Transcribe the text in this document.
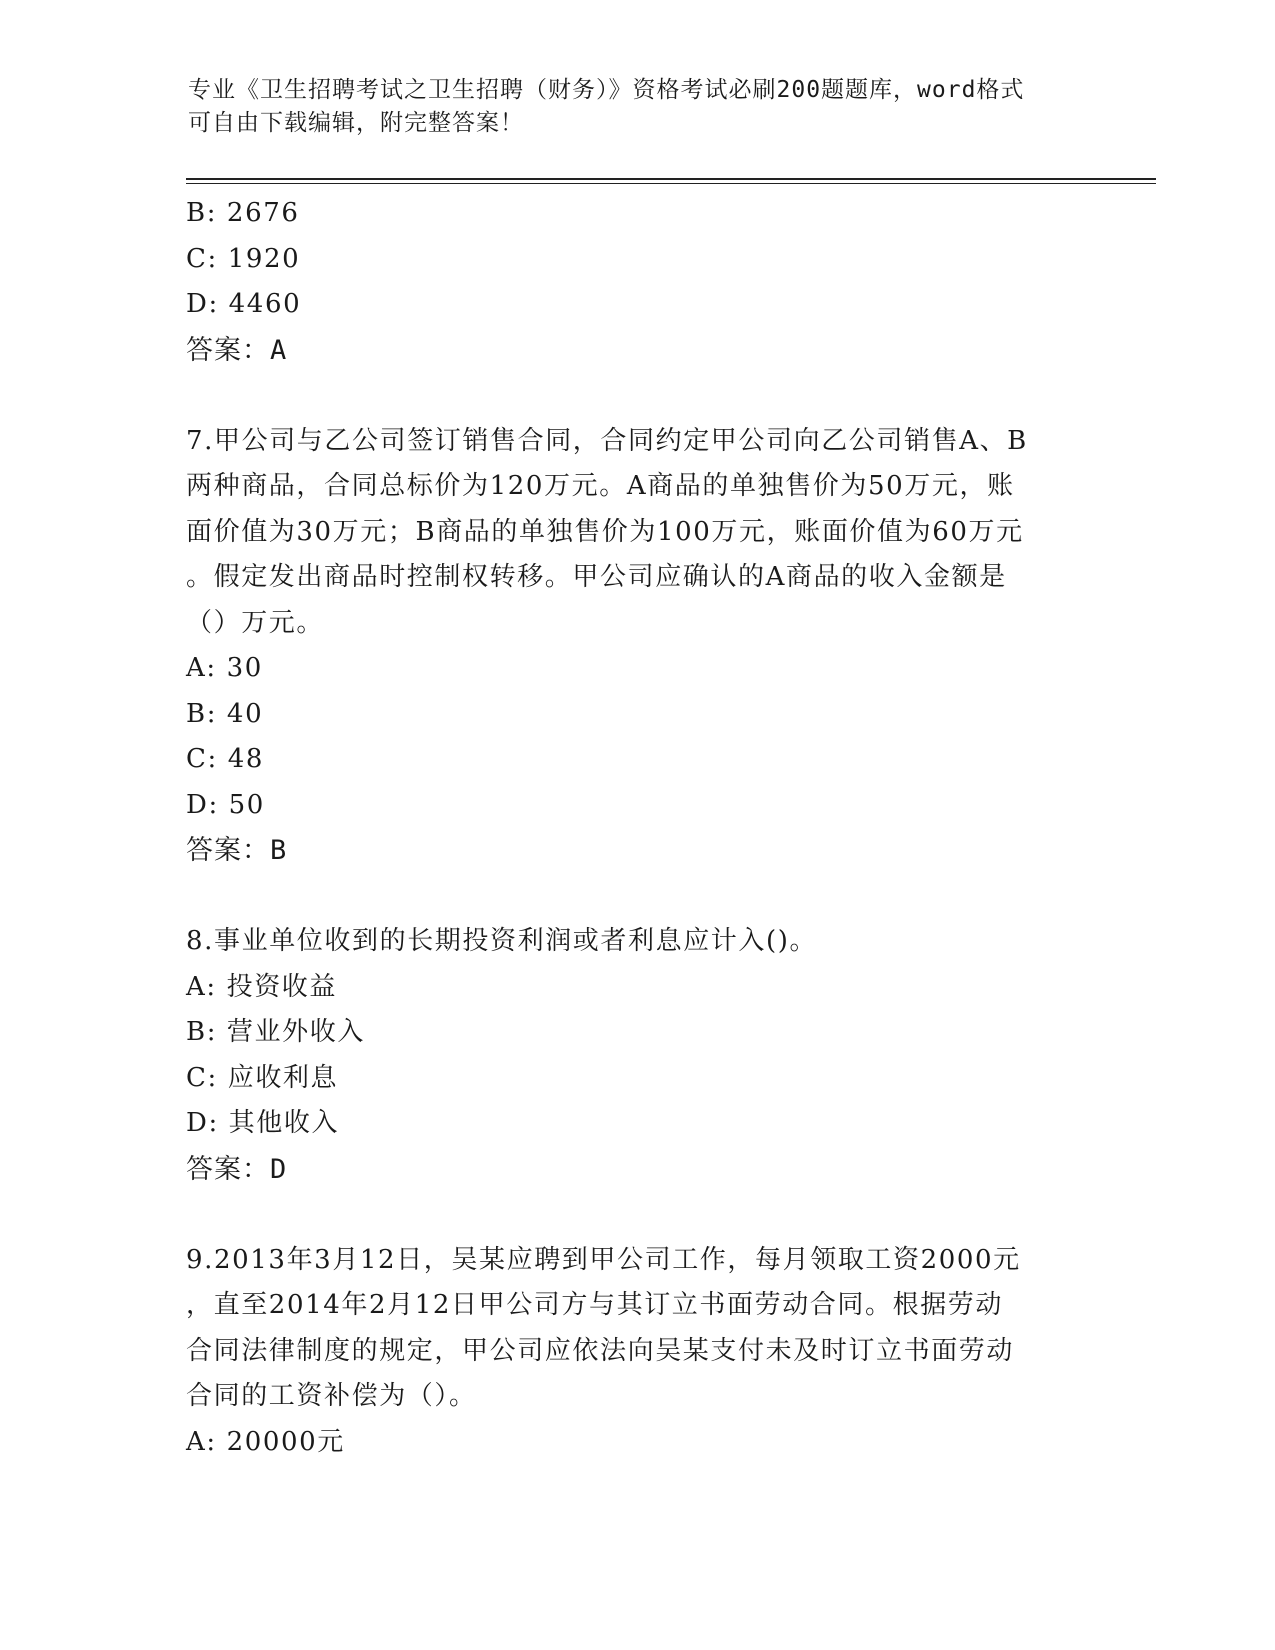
专业《卫生招聘考试之卫生招聘（财务）》资格考试必刷200题题库，word格式
可自由下载编辑，附完整答案！
B: 2676
C: 1920
D: 4460
答案：A
7.甲公司与乙公司签订销售合同，合同约定甲公司向乙公司销售A、B
两种商品，合同总标价为120万元。A商品的单独售价为50万元，账
面价值为30万元；B商品的单独售价为100万元，账面价值为60万元
。假定发出商品时控制权转移。甲公司应确认的A商品的收入金额是
（）万元。
A: 30
B: 40
C: 48
D: 50
答案：B
8.事业单位收到的长期投资利润或者利息应计入()。
A: 投资收益
B: 营业外收入
C: 应收利息
D: 其他收入
答案：D
9.2013年3月12日，吴某应聘到甲公司工作，每月领取工资2000元
，直至2014年2月12日甲公司方与其订立书面劳动合同。根据劳动
合同法律制度的规定，甲公司应依法向吴某支付未及时订立书面劳动
合同的工资补偿为（）。
A: 20000元
